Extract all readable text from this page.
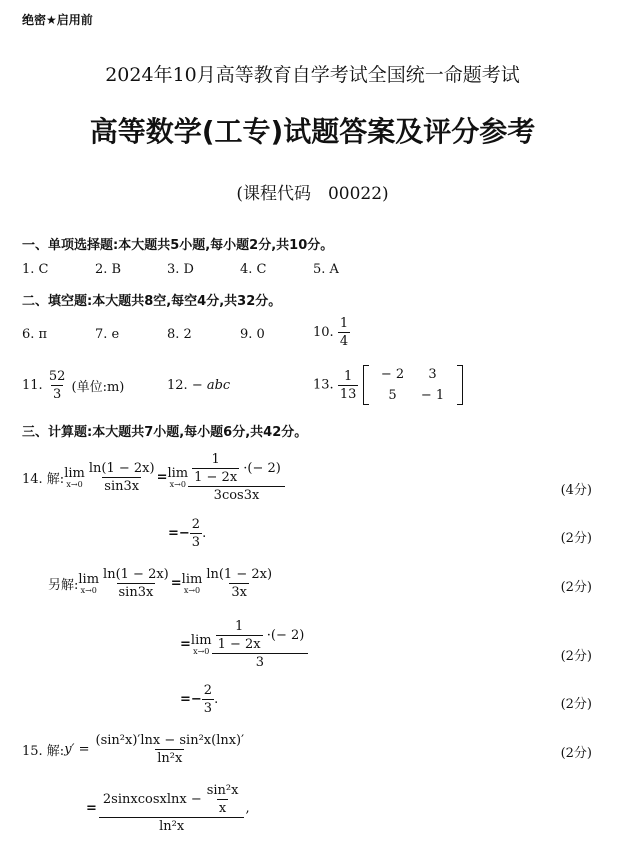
绝密★启用前
2024年10月高等教育自学考试全国统一命题考试
高等数学(工专)试题答案及评分参考
(课程代码　00022)
一、单项选择题:本大题共5小题,每小题2分,共10分。
1. C	2. B	3. D	4. C	5. A
二、填空题:本大题共8空,每空4分,共32分。
6. π	7. e	8. 2	9. 0	10. $\frac{1}{4}$
11. $\frac{52}{3}$ (单位:m)	12. − abc	13. $\frac{1}{13}$
	− 2	3
5	− 1
三、计算题:本大题共7小题,每小题6分,共42分。
14. 解: lim
$x\to 0 \frac{\ln(1 - 2x)}{\sin 3x} = \lim$
$x\to 0 \frac{\frac{1}{1 - 2x} \cdot(- 2)}{3\cos 3x}$	(4分)
=− $\frac{2}{3}$ .	(2分)
另解: lim
$x\to 0 \frac{\ln(1 - 2x)}{\sin 3x} = \lim$
$x\to 0 \frac{\ln(1 - 2x)}{3x}$	(2分)
= lim
$x\to 0 \frac{\frac{1}{1 - 2x} \cdot(- 2)}{3}$	(2分)
=− $\frac{2}{3}$ .	(2分)
15. 解: $y' = \frac{\text{(sin²x)′lnx − sin²x(lnx)′}}{\text{ln²x}}$	(2分)
= $\frac{2sinxcosxlnx - \frac{\text{sin²x}}{x}}{\text{ln²x}}$ ,
